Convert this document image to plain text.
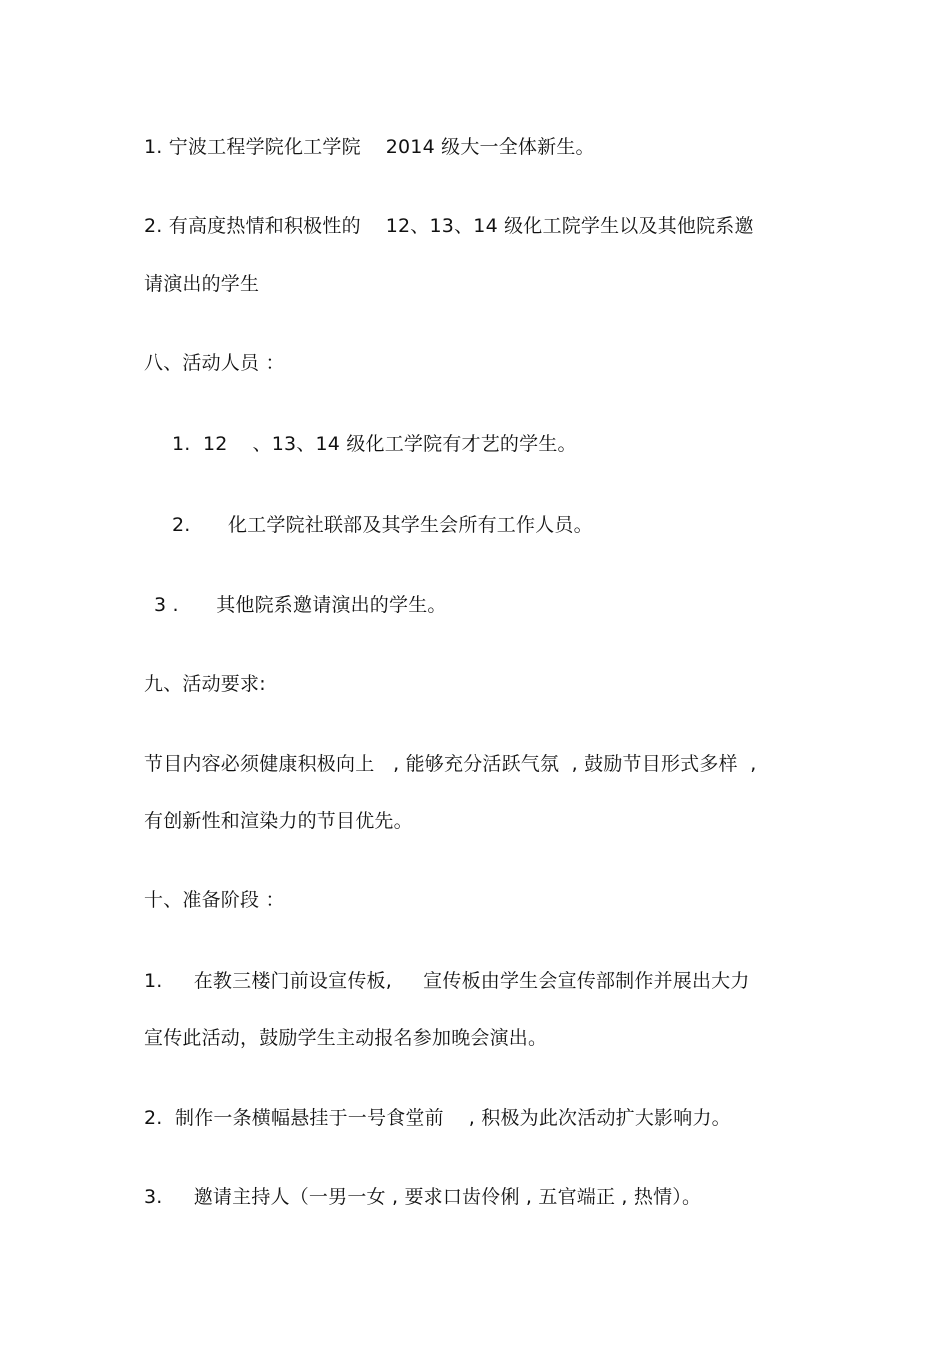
1. 宁波工程学院化工学院    2014 级大一全体新生。
2. 有高度热情和积极性的    12、13、14 级化工院学生以及其他院系邀
请演出的学生
八、活动人员 ：
1.  12    、13、14 级化工学院有才艺的学生。
2.      化工学院社联部及其学生会所有工作人员。
3 .      其他院系邀请演出的学生。
九、活动要求:
节目内容必须健康积极向上   , 能够充分活跃气氛  , 鼓励节目形式多样  ,
有创新性和渲染力的节目优先。
十、准备阶段 ：
1.     在教三楼门前设宣传板,     宣传板由学生会宣传部制作并展出大力
宣传此活动，鼓励学生主动报名参加晚会演出。
2.  制作一条横幅悬挂于一号食堂前    , 积极为此次活动扩大影响力。
3.     邀请主持人（一男一女 , 要求口齿伶俐 , 五官端正 , 热情）。
